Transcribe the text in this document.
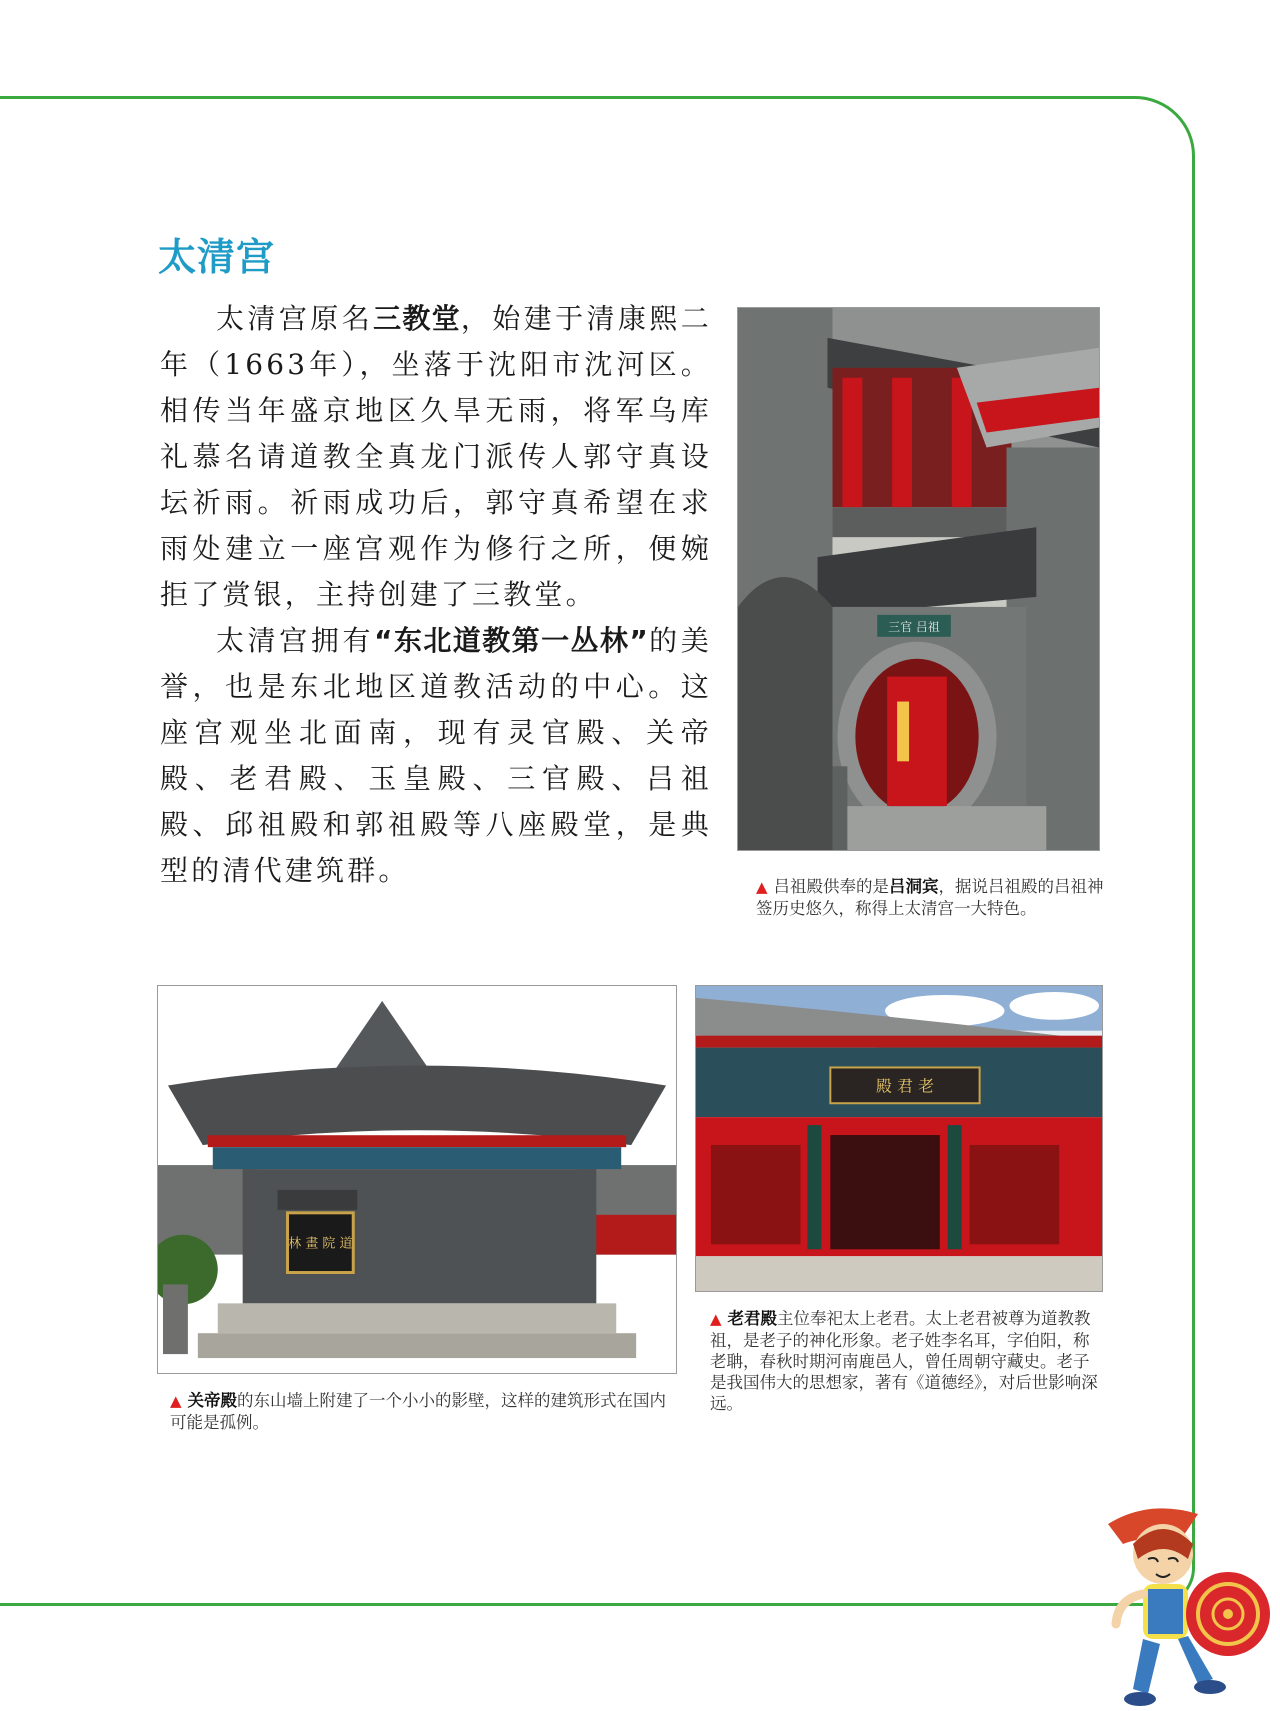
太清宫

太清宫原名三教堂，始建于清康熙二年（1663年），坐落于沈阳市沈河区。相传当年盛京地区久旱无雨，将军乌库礼慕名请道教全真龙门派传人郭守真设坛祈雨。祈雨成功后，郭守真希望在求雨处建立一座宫观作为修行之所，便婉拒了赏银，主持创建了三教堂。

太清宫拥有“东北道教第一丛林”的美誉，也是东北地区道教活动的中心。这座宫观坐北面南，现有灵官殿、关帝殿、老君殿、玉皇殿、三官殿、吕祖殿、邱祖殿和郭祖殿等八座殿堂，是典型的清代建筑群。

三官 吕祖

▲ 吕祖殿供奉的是吕洞宾，据说吕祖殿的吕祖神签历史悠久，称得上太清宫一大特色。

林 畫 院 道

▲ 关帝殿的东山墙上附建了一个小小的影壁，这样的建筑形式在国内可能是孤例。

殿 君 老

▲ 老君殿主位奉祀太上老君。太上老君被尊为道教教祖，是老子的神化形象。老子姓李名耳，字伯阳，称老聃，春秋时期河南鹿邑人，曾任周朝守藏史。老子是我国伟大的思想家，著有《道德经》，对后世影响深远。
